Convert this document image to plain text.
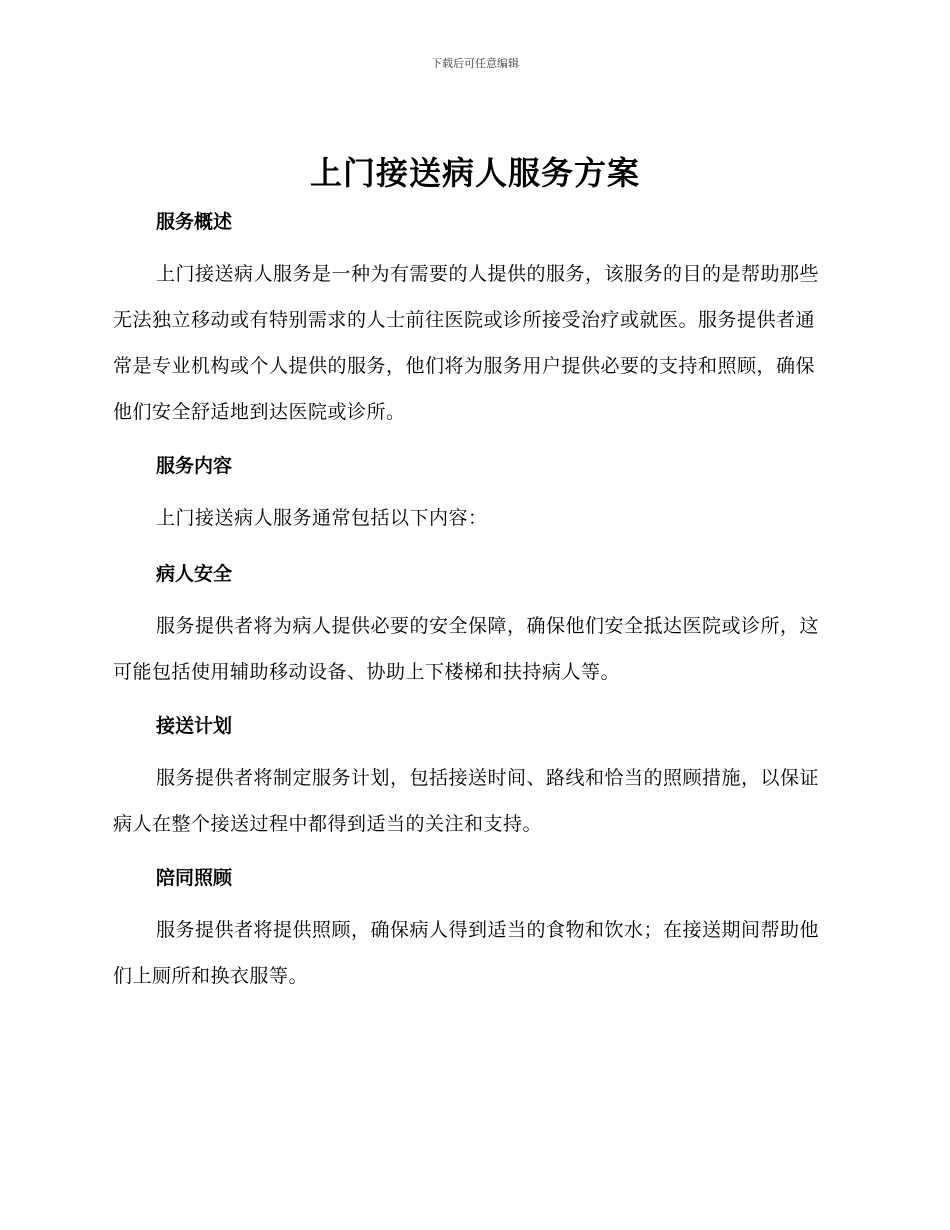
下载后可任意编辑
上门接送病人服务方案
服务概述

上门接送病人服务是一种为有需要的人提供的服务，该服务的目的是帮助那些无法独立移动或有特别需求的人士前往医院或诊所接受治疗或就医。服务提供者通常是专业机构或个人提供的服务，他们将为服务用户提供必要的支持和照顾，确保他们安全舒适地到达医院或诊所。

服务内容

上门接送病人服务通常包括以下内容：

病人安全

服务提供者将为病人提供必要的安全保障，确保他们安全抵达医院或诊所，这可能包括使用辅助移动设备、协助上下楼梯和扶持病人等。

接送计划

服务提供者将制定服务计划，包括接送时间、路线和恰当的照顾措施，以保证病人在整个接送过程中都得到适当的关注和支持。

陪同照顾

服务提供者将提供照顾，确保病人得到适当的食物和饮水；在接送期间帮助他们上厕所和换衣服等。
